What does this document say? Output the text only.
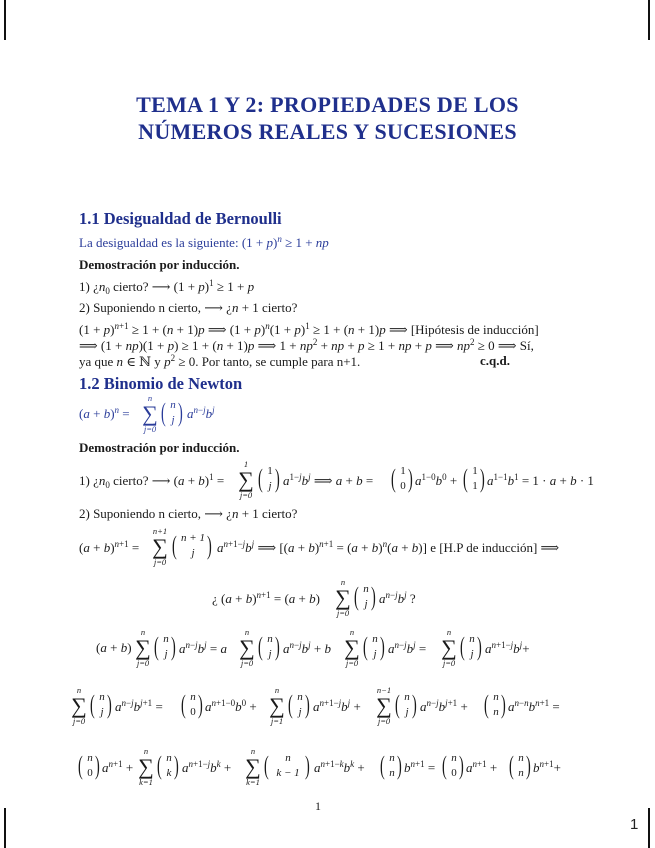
TEMA 1 Y 2: PROPIEDADES DE LOS
NÚMEROS REALES Y SUCESIONES
1.1 Desigualdad de Bernoulli
La desigualdad es la siguiente: $(1 + p)^n \ge 1$ + np
Demostración por inducción.
1) ¿$n_0$ cierto? ⟶ $(1 + p)^1 \ge 1 + p$
2) Suponiendo n cierto, ⟶ ¿n + 1 cierto?
$(1 + p)^{n+1} \ge 1 + (n + 1)p$ ⟹ $(1 + p)^n(1 + p)^1 \ge 1 + (n + 1)p$ ⟹ [Hipótesis de inducción]
⟹ (1 + np)(1 + p) ≥ 1 + (n + 1)p ⟹ $1 + np^2$ + np + p ≥ 1 + np + p ⟹ $np^2 \ge 0$ ⟹ Sí,
ya que n ∈ ℕ y $p^2 \ge 0$. Por tanto, se cumple para n+1.	c.q.d.
1.2 Binomio de Newton
$(a + b)^n$ =
n
∑
j=0
( n
j ) $a^{n-j}b^j$
Demostración por inducción.
1) ¿$n_0$ cierto? ⟶ $(a + b)^1$ =
1
∑
j=0
( 1
j ) $a^{1-j}b^j$ ⟹ a + b = ( 1
0 ) $a^{1-0}b^0$ + ( 1
1 ) $a^{1-1}b^1 = 1 \cdot a + b \cdot 1$
2) Suponiendo n cierto, ⟶ ¿n + 1 cierto?
$(a + b)^{n+1}$ =
n+1
∑
j=0
( n + 1
j ) $a^{n+1-j}b^j$ ⟹ $[(a + b)^{n+1} = (a + b)^n(a + b)]$ e [H.P de inducción] ⟹
¿ $(a + b)^{n+1} = (a + b)$
n
∑
j=0
( n
j ) $a^{n-j}b^j$ ?
(a + b)
n
∑
j=0
( n
j ) $a^{n-j}b^j = a$
n
∑
j=0
( n
j ) $a^{n-j}b^j + b$
n
∑
j=0
( n
j ) $a^{n-j}b^j$ =
n
∑
j=0
( n
j ) $a^{n+1-j}b^j+$
n
∑
j=0
( n
j ) $a^{n-j}b^{j+1}$ = ( n
0 ) $a^{n+1-0}b^0$ +
n
∑
j=1
( n
j ) $a^{n+1-j}b^j$ +
n−1
∑
j=0
( n
j ) $a^{n-j}b^{j+1}$ + ( n
n ) $a^{n-n}b^{n+1}$ =
( n
0 ) $a^{n+1}$ +
n
∑
k=1
( n
k ) $a^{n+1-j}b^k$ +
n
∑
k=1
(	n
k − 1 ) $a^{n+1-k}b^k$ + ( n
n ) $b^{n+1}$ = ( n
0 ) $a^{n+1}$ + ( n
n ) $b^{n+1}+$
1
1
